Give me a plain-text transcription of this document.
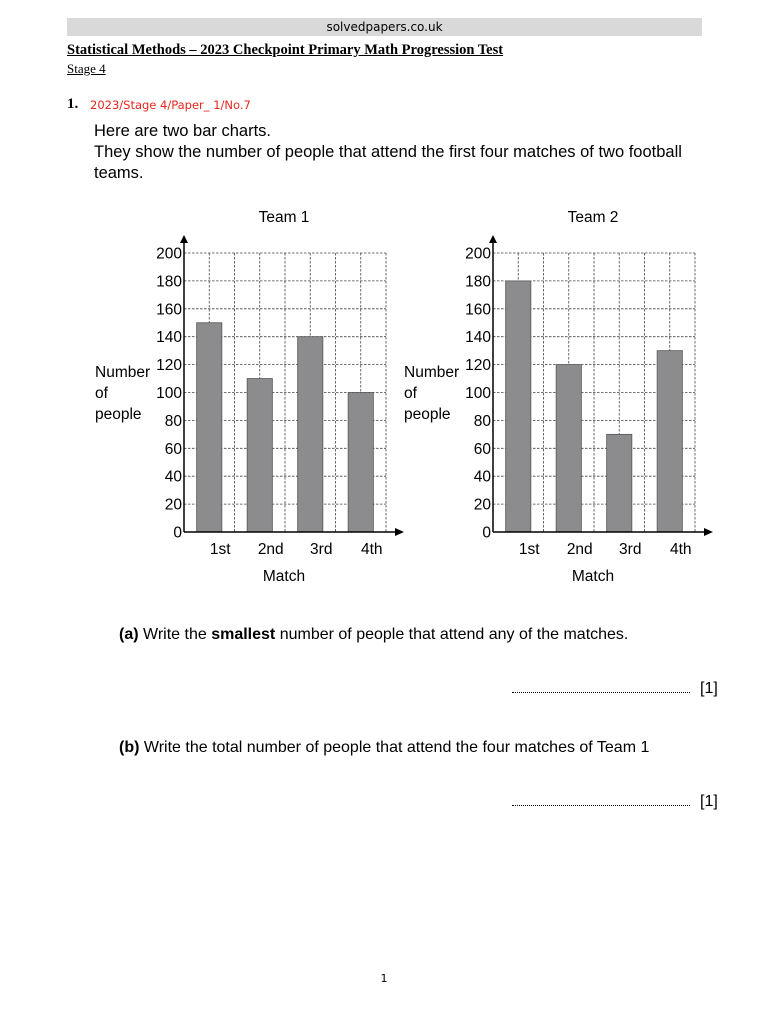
solvedpapers.co.uk
Statistical Methods – 2023 Checkpoint Primary Math Progression Test
Stage 4
1. 2023/Stage 4/Paper_ 1/No.7
Here are two bar charts.
They show the number of people that attend the first four matches of two football
teams.
0
20
40
60
80
100
120
140
160
180
200
1st 2nd 3rd 4th
Team 1
Match
Number
of
people
0
20
40
60
80
100
120
140
160
180
200
1st 2nd 3rd 4th
Team 2
Match
Number
of
people
(a) Write the smallest number of people that attend any of the matches.
[1]
(b) Write the total number of people that attend the four matches of Team 1
[1]
1
